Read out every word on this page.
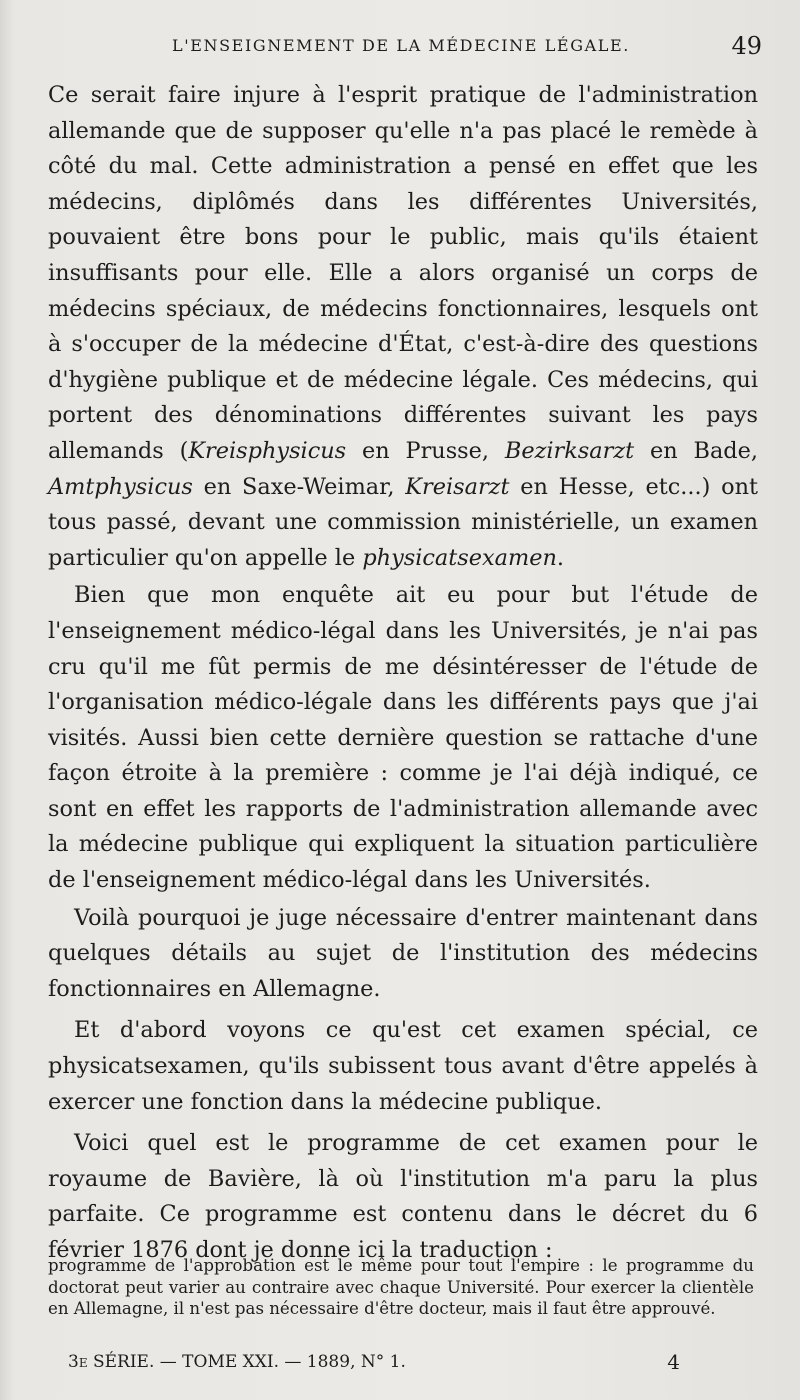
L'ENSEIGNEMENT DE LA MÉDECINE LÉGALE.	49

Ce serait faire injure à l'esprit pratique de l'administration allemande que de supposer qu'elle n'a pas placé le remède à côté du mal. Cette administration a pensé en effet que les médecins, diplômés dans les différentes Universités, pouvaient être bons pour le public, mais qu'ils étaient insuffisants pour elle. Elle a alors organisé un corps de médecins spéciaux, de médecins fonctionnaires, lesquels ont à s'occuper de la médecine d'État, c'est-à-dire des questions d'hygiène publique et de médecine légale. Ces médecins, qui portent des dénominations différentes suivant les pays allemands (Kreisphysicus en Prusse, Bezirksarzt en Bade, Amtphysicus en Saxe-Weimar, Kreisarzt en Hesse, etc...) ont tous passé, devant une commission ministérielle, un examen particulier qu'on appelle le physicatsexamen.

Bien que mon enquête ait eu pour but l'étude de l'enseignement médico-légal dans les Universités, je n'ai pas cru qu'il me fût permis de me désintéresser de l'étude de l'organisation médico-légale dans les différents pays que j'ai visités. Aussi bien cette dernière question se rattache d'une façon étroite à la première : comme je l'ai déjà indiqué, ce sont en effet les rapports de l'administration allemande avec la médecine publique qui expliquent la situation particulière de l'enseignement médico-légal dans les Universités.

Voilà pourquoi je juge nécessaire d'entrer maintenant dans quelques détails au sujet de l'institution des médecins fonctionnaires en Allemagne.

Et d'abord voyons ce qu'est cet examen spécial, ce physicatsexamen, qu'ils subissent tous avant d'être appelés à exercer une fonction dans la médecine publique.

Voici quel est le programme de cet examen pour le royaume de Bavière, là où l'institution m'a paru la plus parfaite. Ce programme est contenu dans le décret du 6 février 1876 dont je donne ici la traduction :

programme de l'approbation est le même pour tout l'empire : le programme du doctorat peut varier au contraire avec chaque Université. Pour exercer la clientèle en Allemagne, il n'est pas nécessaire d'être docteur, mais il faut être approuvé.

3e SÉRIE. — TOME XXI. — 1889, N° 1.	4
